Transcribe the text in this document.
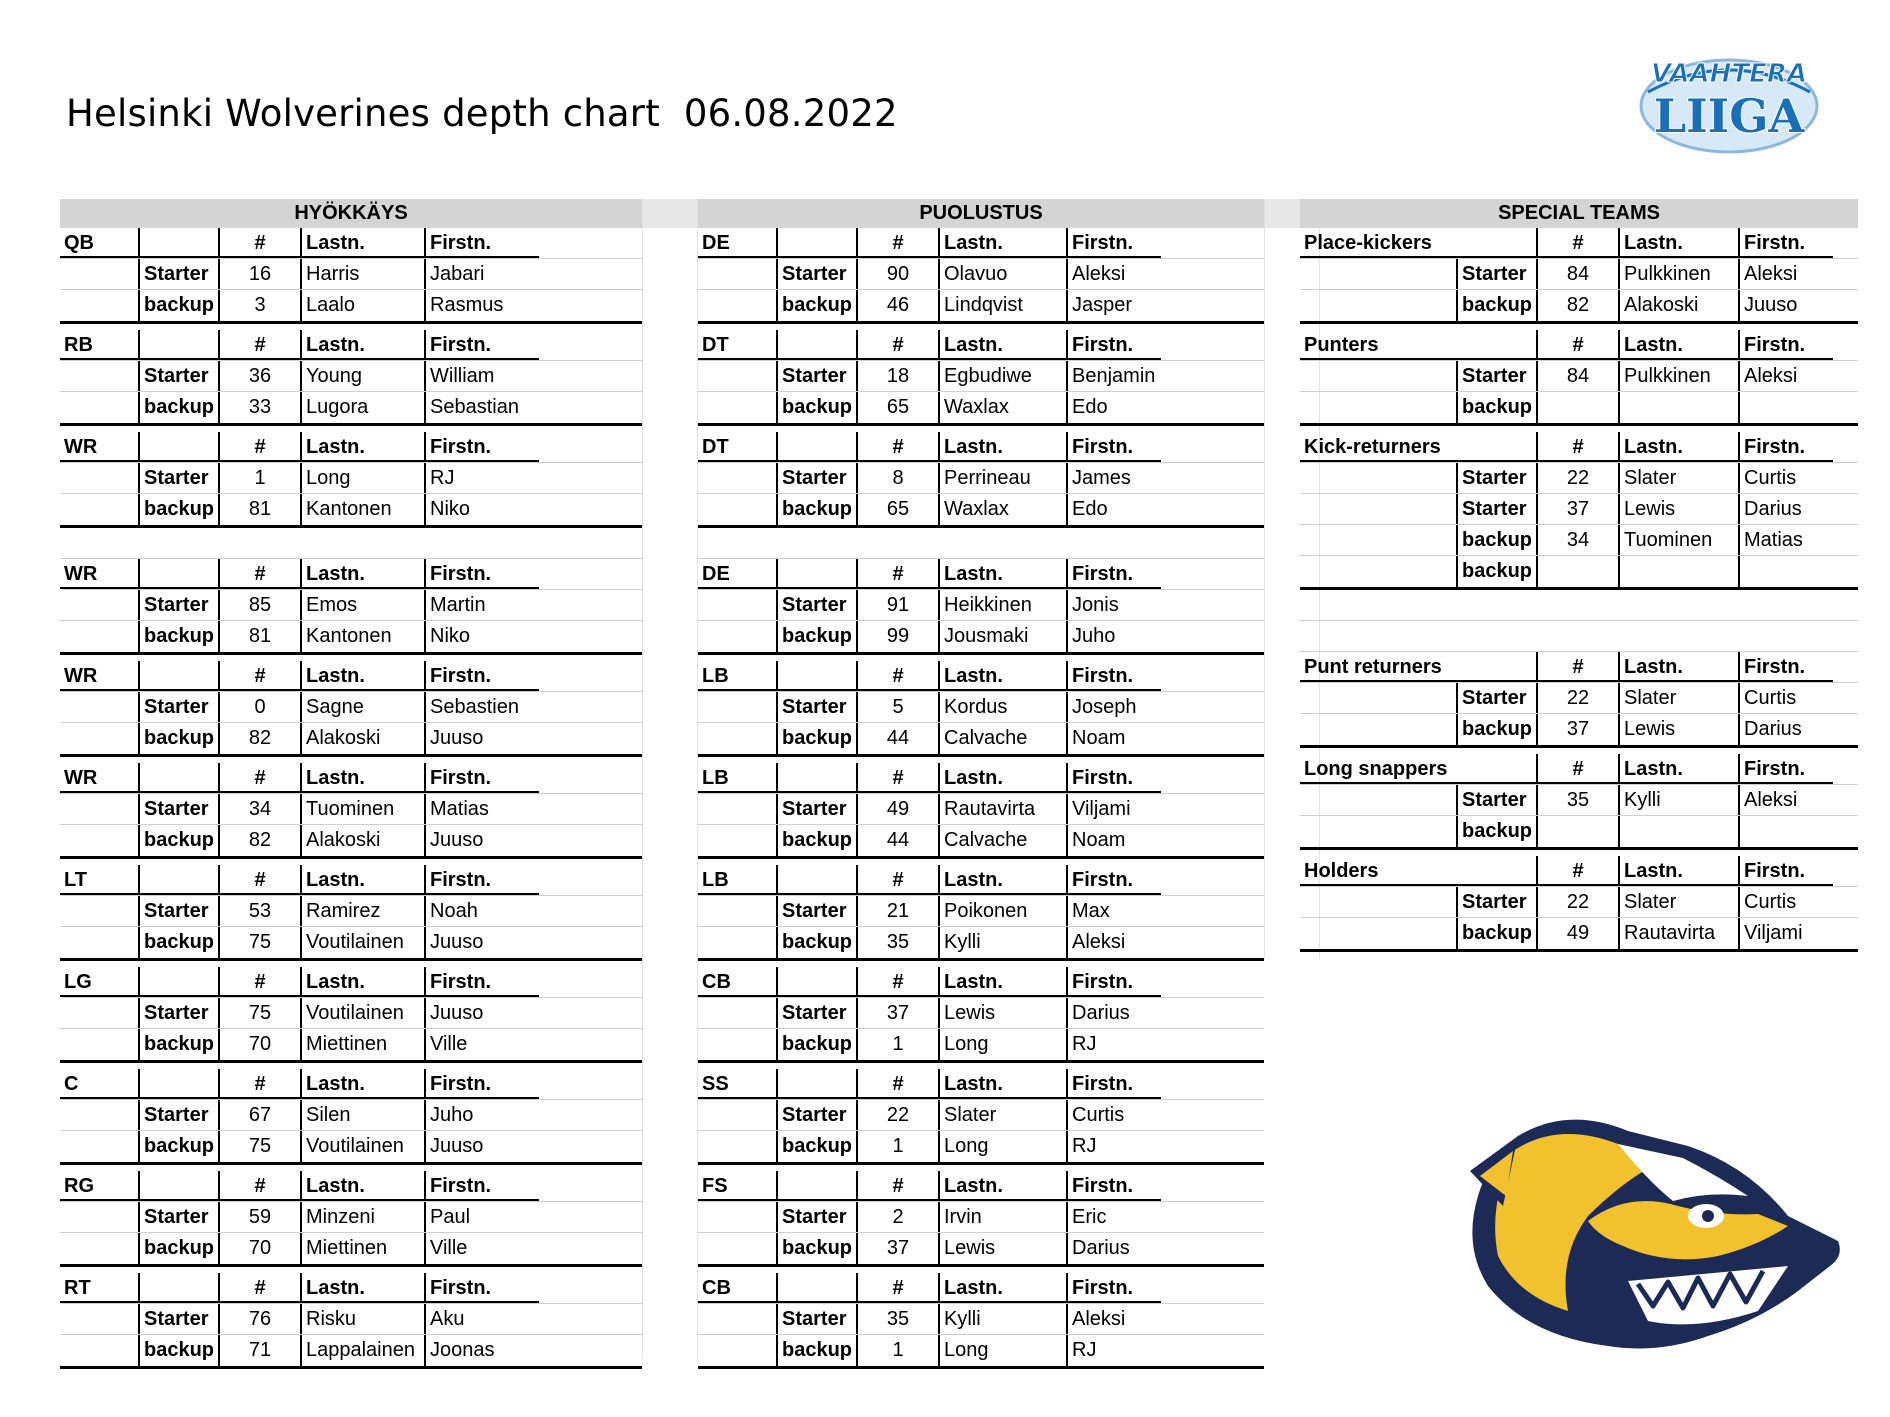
Helsinki Wolverines depth chart  06.08.2022
VAAHTERA
LIIGA
HYÖKKÄYS
QB	#	Lastn.	Firstn.
Starter	16	Harris	Jabari
backup	3	Laalo	Rasmus
RB	#	Lastn.	Firstn.
Starter	36	Young	William
backup	33	Lugora	Sebastian
WR	#	Lastn.	Firstn.
Starter	1	Long	RJ
backup	81	Kantonen	Niko
WR	#	Lastn.	Firstn.
Starter	85	Emos	Martin
backup	81	Kantonen	Niko
WR	#	Lastn.	Firstn.
Starter	0	Sagne	Sebastien
backup	82	Alakoski	Juuso
WR	#	Lastn.	Firstn.
Starter	34	Tuominen	Matias
backup	82	Alakoski	Juuso
LT	#	Lastn.	Firstn.
Starter	53	Ramirez	Noah
backup	75	Voutilainen	Juuso
LG	#	Lastn.	Firstn.
Starter	75	Voutilainen	Juuso
backup	70	Miettinen	Ville
C	#	Lastn.	Firstn.
Starter	67	Silen	Juho
backup	75	Voutilainen	Juuso
RG	#	Lastn.	Firstn.
Starter	59	Minzeni	Paul
backup	70	Miettinen	Ville
RT	#	Lastn.	Firstn.
Starter	76	Risku	Aku
backup	71	Lappalainen Joonas
PUOLUSTUS
DE	#	Lastn.	Firstn.
Starter	90	Olavuo	Aleksi
backup	46	Lindqvist	Jasper
DT	#	Lastn.	Firstn.
Starter	18	Egbudiwe	Benjamin
backup	65	Waxlax	Edo
DT	#	Lastn.	Firstn.
Starter	8	Perrineau	James
backup	65	Waxlax	Edo
DE	#	Lastn.	Firstn.
Starter	91	Heikkinen	Jonis
backup	99	Jousmaki	Juho
LB	#	Lastn.	Firstn.
Starter	5	Kordus	Joseph
backup	44	Calvache	Noam
LB	#	Lastn.	Firstn.
Starter	49	Rautavirta	Viljami
backup	44	Calvache	Noam
LB	#	Lastn.	Firstn.
Starter	21	Poikonen	Max
backup	35	Kylli	Aleksi
CB	#	Lastn.	Firstn.
Starter	37	Lewis	Darius
backup	1	Long	RJ
SS	#	Lastn.	Firstn.
Starter	22	Slater	Curtis
backup	1	Long	RJ
FS	#	Lastn.	Firstn.
Starter	2	Irvin	Eric
backup	37	Lewis	Darius
CB	#	Lastn.	Firstn.
Starter	35	Kylli	Aleksi
backup	1	Long	RJ
SPECIAL TEAMS
Place-kickers	#	Lastn.	Firstn.
Starter	84	Pulkkinen	Aleksi
backup	82	Alakoski	Juuso
Punters	#	Lastn.	Firstn.
Starter	84	Pulkkinen	Aleksi
backup
Kick-returners	#	Lastn.	Firstn.
Starter	22	Slater	Curtis
Starter	37	Lewis	Darius
backup	34	Tuominen	Matias
backup
Punt returners	#	Lastn.	Firstn.
Starter	22	Slater	Curtis
backup	37	Lewis	Darius
Long snappers	#	Lastn.	Firstn.
Starter	35	Kylli	Aleksi
backup
Holders	#	Lastn.	Firstn.
Starter	22	Slater	Curtis
backup	49	Rautavirta	Viljami
